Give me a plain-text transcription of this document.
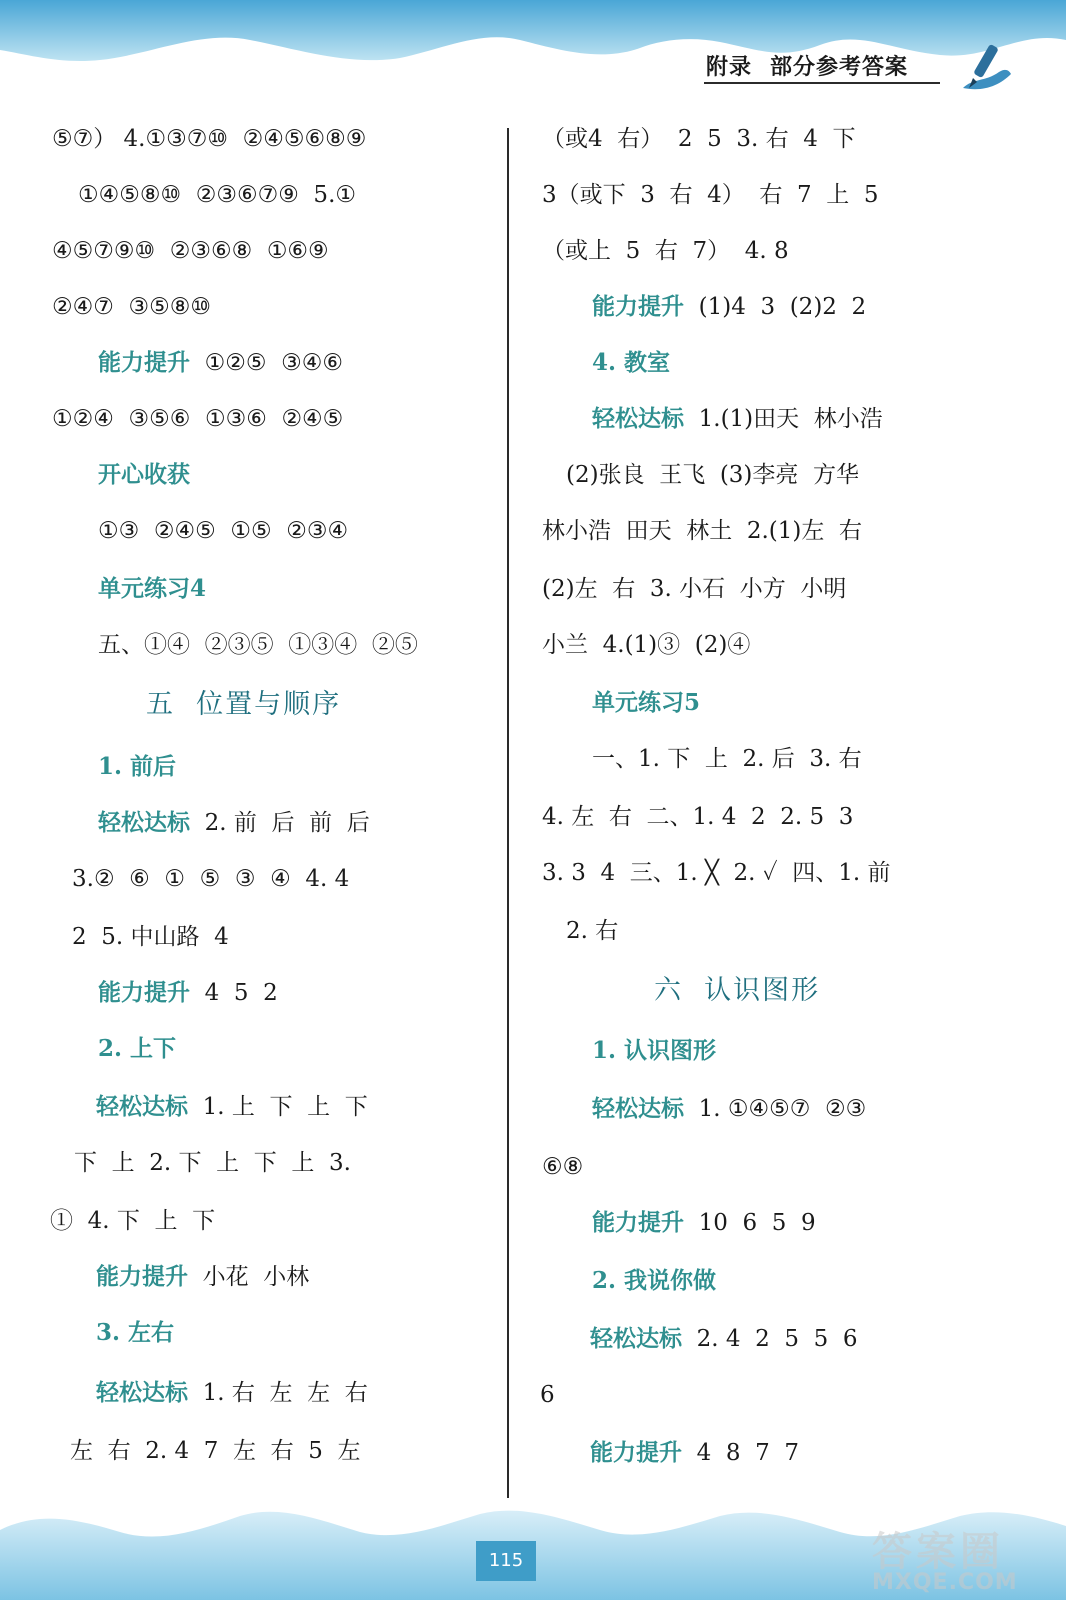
附录 部分参考答案
⑤⑦） 4.①③⑦⑩  ②④⑤⑥⑧⑨
①④⑤⑧⑩  ②③⑥⑦⑨  5.①
④⑤⑦⑨⑩  ②③⑥⑧  ①⑥⑨
②④⑦  ③⑤⑧⑩
能力提升  ①②⑤  ③④⑥
①②④  ③⑤⑥  ①③⑥  ②④⑤
开心收获
①③  ②④⑤  ①⑤  ②③④
单元练习4
五、①④  ②③⑤  ①③④  ②⑤
五  位置与顺序
1. 前后
轻松达标  2. 前  后  前  后
3.②  ⑥  ①  ⑤  ③  ④  4. 4
2  5. 中山路  4
能力提升  4  5  2
2. 上下
轻松达标  1. 上  下  上  下
下  上  2. 下  上  下  上  3.
①  4. 下  上  下
能力提升  小花  小林
3. 左右
轻松达标  1. 右  左  左  右
左  右  2. 4  7  左  右  5  左
（或4  右）  2  5  3. 右  4  下
3（或下  3  右  4）  右  7  上  5
（或上  5  右  7）  4. 8
能力提升  (1)4  3  (2)2  2
4. 教室
轻松达标  1.(1)田天  林小浩
(2)张良  王飞  (3)李亮  方华
林小浩  田天  林土  2.(1)左  右
(2)左  右  3. 小石  小方  小明
小兰  4.(1)③  (2)④
单元练习5
一、1. 下  上  2. 后  3. 右
4. 左  右  二、1. 4  2  2. 5  3
3. 3  4  三、1. ╳  2. ✓  四、1. 前
2. 右
六  认识图形
1. 认识图形
轻松达标  1. ①④⑤⑦  ②③
⑥⑧
能力提升  10  6  5  9
2. 我说你做
轻松达标  2. 4  2  5  5  6
6
能力提升  4  8  7  7
115	答案圈
MXQE.COM
